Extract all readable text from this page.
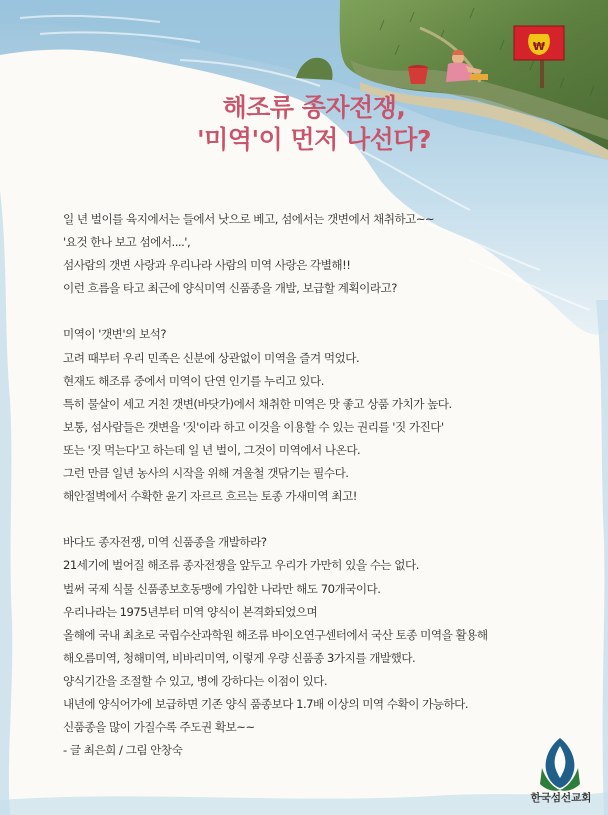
₩
해조류 종자전쟁,
'미역'이 먼저 나선다?
일 년 벌이를 육지에서는 들에서 낫으로 베고, 섬에서는 갯변에서 채취하고~~
'요것 한나 보고 섬에서....',
섬사람의 갯변 사랑과 우리나라 사람의 미역 사랑은 각별해!!
이런 흐름을 타고 최근에 양식미역 신품종을 개발, 보급할 계획이라고?
미역이 '갯변'의 보석?
고려 때부터 우리 민족은 신분에 상관없이 미역을 즐겨 먹었다.
현재도 해조류 중에서 미역이 단연 인기를 누리고 있다.
특히 물살이 세고 거친 갯변(바닷가)에서 채취한 미역은 맛 좋고 상품 가치가 높다.
보통, 섬사람들은 갯변을 '짓'이라 하고 이것을 이용할 수 있는 권리를 '짓 가진다'
또는 '짓 먹는다'고 하는데 일 년 벌이, 그것이 미역에서 나온다.
그런 만큼 일년 농사의 시작을 위해 겨울철 갯닦기는 필수다.
해안절벽에서 수확한 윤기 자르르 흐르는 토종 가새미역 최고!
바다도 종자전쟁, 미역 신품종을 개발하라?
21세기에 벌어질 해조류 종자전쟁을 앞두고 우리가 가만히 있을 수는 없다.
벌써 국제 식물 신품종보호동맹에 가입한 나라만 해도 70개국이다.
우리나라는 1975년부터 미역 양식이 본격화되었으며
올해에 국내 최초로 국립수산과학원 해조류 바이오연구센터에서 국산 토종 미역을 활용해
해오름미역, 청해미역, 비바리미역, 이렇게 우량 신품종 3가지를 개발했다.
양식기간을 조절할 수 있고, 병에 강하다는 이점이 있다.
내년에 양식어가에 보급하면 기존 양식 품종보다 1.7배 이상의 미역 수확이 가능하다.
신품종을 많이 가질수록 주도권 확보~~
- 글 최은희 / 그림 안창숙
한국섬선교회
